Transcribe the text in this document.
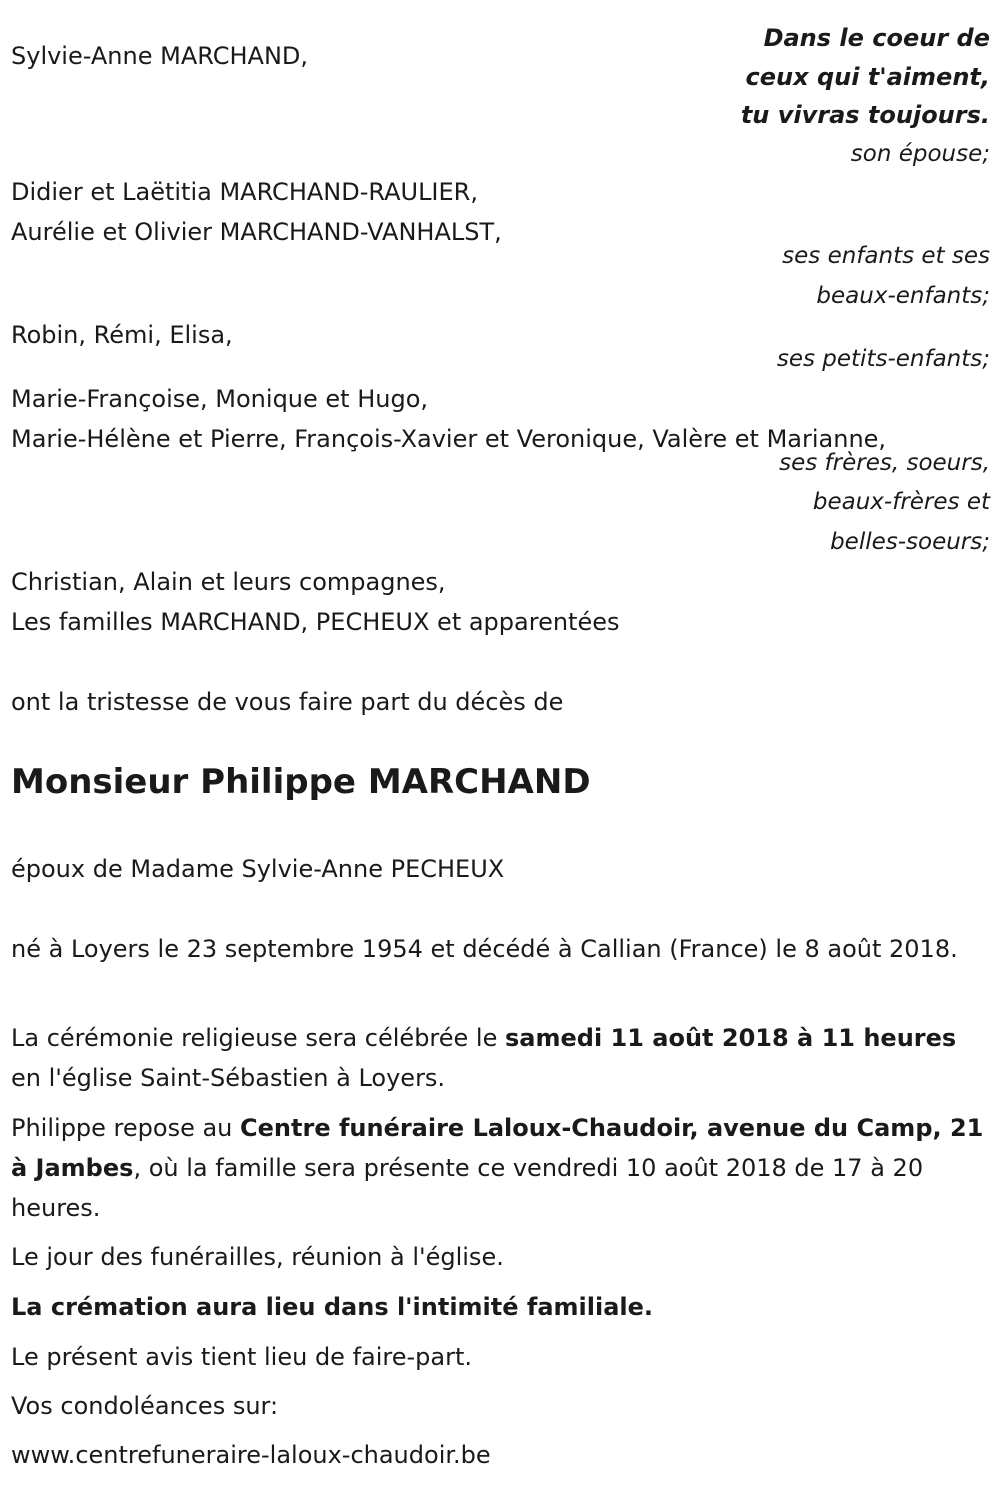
Dans le coeur de
ceux qui t'aiment,
tu vivras toujours.
Sylvie-Anne MARCHAND,
son épouse;
Didier et Laëtitia MARCHAND-RAULIER,
Aurélie et Olivier MARCHAND-VANHALST,
ses enfants et ses
beaux-enfants;
Robin, Rémi, Elisa,
ses petits-enfants;
Marie-Françoise, Monique et Hugo,
Marie-Hélène et Pierre, François-Xavier et Veronique, Valère et Marianne,
ses frères, soeurs,
beaux-frères et
belles-soeurs;
Christian, Alain et leurs compagnes,
Les familles MARCHAND, PECHEUX et apparentées
ont la tristesse de vous faire part du décès de
Monsieur Philippe MARCHAND
époux de Madame Sylvie-Anne PECHEUX
né à Loyers le 23 septembre 1954 et décédé à Callian (France) le 8 août 2018.
La cérémonie religieuse sera célébrée le samedi 11 août 2018 à 11 heures en l'église Saint-Sébastien à Loyers.
Philippe repose au Centre funéraire Laloux-Chaudoir, avenue du Camp, 21 à Jambes, où la famille sera présente ce vendredi 10 août 2018 de 17 à 20 heures.
Le jour des funérailles, réunion à l'église.
La crémation aura lieu dans l'intimité familiale.
Le présent avis tient lieu de faire-part.
Vos condoléances sur:
www.centrefuneraire-laloux-chaudoir.be
